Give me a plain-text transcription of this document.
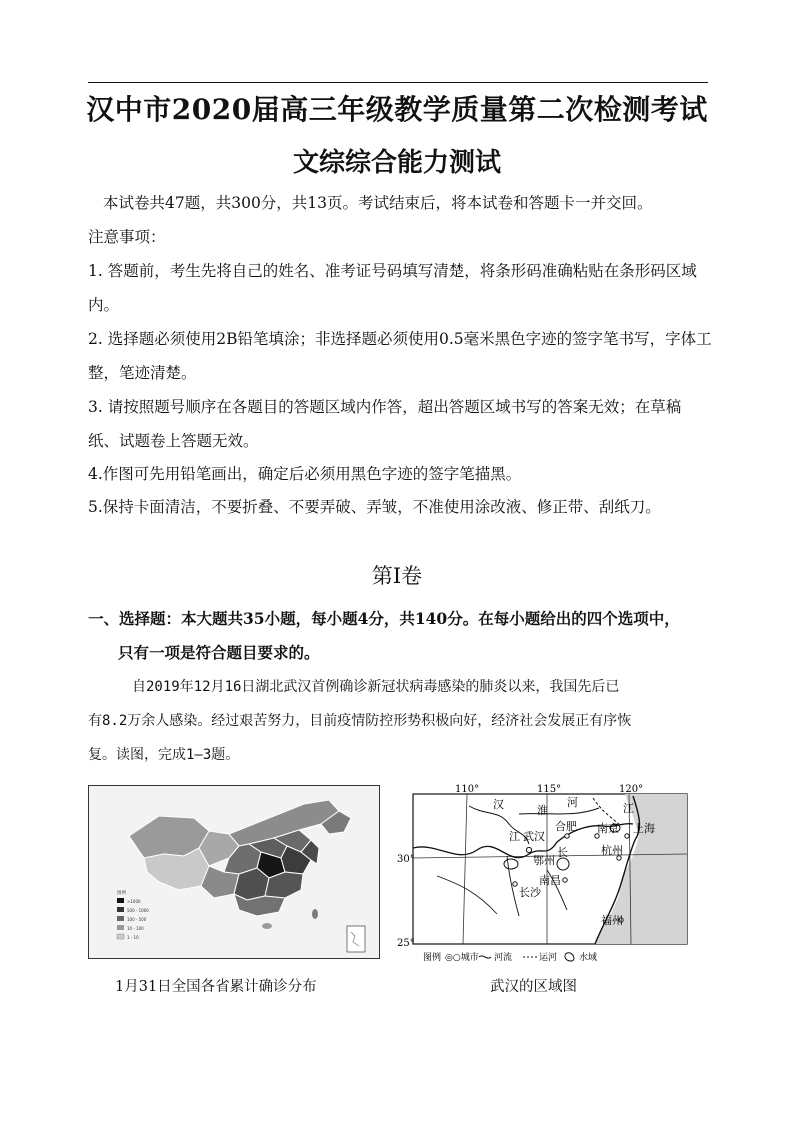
汉中市2020届高三年级教学质量第二次检测考试
文综综合能力测试
本试卷共47题，共300分，共13页。考试结束后，将本试卷和答题卡一并交回。
注意事项：
1. 答题前，考生先将自己的姓名、准考证号码填写清楚，将条形码准确粘贴在条形码区域内。
2. 选择题必须使用2B铅笔填涂；非选择题必须使用0.5毫米黑色字迹的签字笔书写，字体工整，笔迹清楚。
3. 请按照题号顺序在各题目的答题区域内作答，超出答题区域书写的答案无效；在草稿纸、试题卷上答题无效。
4.作图可先用铅笔画出，确定后必须用黑色字迹的签字笔描黑。
5.保持卡面清洁，不要折叠、不要弄破、弄皱，不准使用涂改液、修正带、刮纸刀。
第Ⅰ卷
一、选择题：本大题共35小题，每小题4分，共140分。在每小题给出的四个选项中，
只有一项是符合题目要求的。
自2019年12月16日湖北武汉首例确诊新冠状病毒感染的肺炎以来，我国先后已
有8.2万余人感染。经过艰苦努力，目前疫情防控形势积极向好，经济社会发展正有序恢
复。读图，完成1—3题。
图例
>1000
500 - 1000
100 - 500
10 - 100
1 - 10
1月31日全国各省累计确诊分布
110°	115°	120°
30°
25°
汉	淮
河	江
合肥 南京 上海
江 武汉
鄂州
长	杭州
南昌
长沙
福州
图例 ◎○城市 河流	运河 水域
武汉的区域图
